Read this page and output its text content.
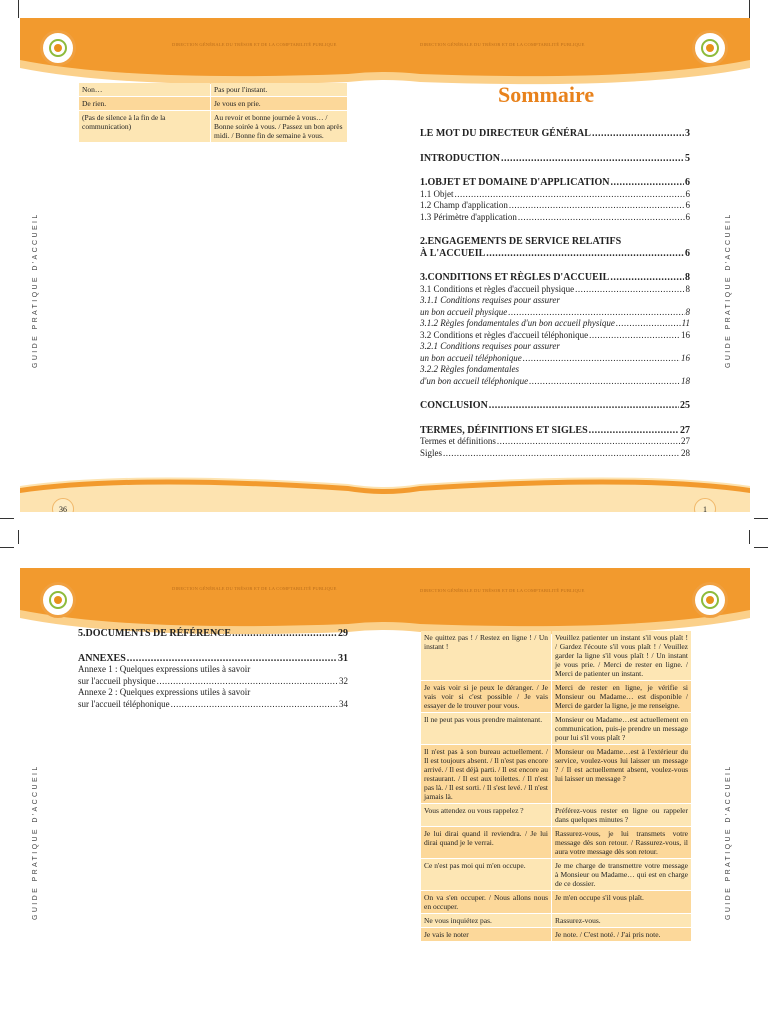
DIRECTION GÉNÉRALE DU TRÉSOR ET DE LA COMPTABILITÉ PUBLIQUE	DIRECTION GÉNÉRALE DU TRÉSOR ET DE LA COMPTABILITÉ PUBLIQUE
GUIDE PRATIQUE D'ACCUEIL	GUIDE PRATIQUE D'ACCUEIL
Non…	Pas pour l'instant.
De rien.	Je vous en prie.
(Pas de silence à la fin de la communication)	Au revoir et bonne journée à vous… / Bonne soirée à vous. / Passez un bon après midi. / Bonne fin de semaine à vous.
Sommaire
LE MOT DU DIRECTEUR GÉNÉRAL .....	3
INTRODUCTION .....	5
1.OBJET ET DOMAINE D'APPLICATION .....	6
1.1 Objet .....	6
1.2 Champ d'application .....	6
1.3 Périmètre d'application .....	6
2.ENGAGEMENTS DE SERVICE RELATIFS
À L'ACCUEIL .....	6
3.CONDITIONS ET RÈGLES D'ACCUEIL .....	8
3.1 Conditions et règles d'accueil physique .....	8
3.1.1 Conditions requises pour assurer
un bon accueil physique .....	8
3.1.2 Règles fondamentales d'un bon accueil physique .....	11
3.2 Conditions et règles d'accueil téléphonique .....	16
3.2.1 Conditions requises pour assurer
un bon accueil téléphonique .....	16
3.2.2 Règles fondamentales
d'un bon accueil téléphonique .....	18
CONCLUSION .....	25
TERMES, DÉFINITIONS ET SIGLES .....	27
Termes et définitions .....	27
Sigles .....	28
36	1
DIRECTION GÉNÉRALE DU TRÉSOR ET DE LA COMPTABILITÉ PUBLIQUE	DIRECTION GÉNÉRALE DU TRÉSOR ET DE LA COMPTABILITÉ PUBLIQUE
GUIDE PRATIQUE D'ACCUEIL	GUIDE PRATIQUE D'ACCUEIL
5.DOCUMENTS DE RÉFÉRENCE .....	29
ANNEXES .....	31
Annexe 1 : Quelques expressions utiles à savoir
sur l'accueil physique .....	32
Annexe 2 : Quelques expressions utiles à savoir
sur l'accueil téléphonique .....	34
Ne quittez pas ! / Restez en ligne ! / Un instant !	Veuillez patienter un instant s'il vous plaît ! / Gardez l'écoute s'il vous plaît ! / Veuillez garder la ligne s'il vous plaît ! / Un instant je vous prie. / Merci de rester en ligne. / Merci de patienter un instant.
Je vais voir si je peux le déranger. / Je vais voir si c'est possible / Je vais essayer de le trouver pour vous.	Merci de rester en ligne, je vérifie si Monsieur ou Madame… est disponible / Merci de garder la ligne, je me renseigne.
Il ne peut pas vous prendre maintenant.	Monsieur ou Madame…est actuellement en communication, puis-je prendre un message pour lui s'il vous plaît ?
Il n'est pas à son bureau actuellement. / Il est toujours absent. / Il n'est pas encore arrivé. / Il est déjà parti. / Il est encore au restaurant. / Il est aux toilettes. / Il n'est pas là. / Il est sorti. / Il s'est levé. / Il n'est jamais là.	Monsieur ou Madame…est à l'extérieur du service, voulez-vous lui laisser un message ? / Il est actuellement absent, voulez-vous lui laisser un message ?
Vous attendez ou vous rappelez ?	Préférez-vous rester en ligne ou rappeler dans quelques minutes ?
Je lui dirai quand il reviendra. / Je lui dirai quand je le verrai.	Rassurez-vous, je lui transmets votre message dès son retour. / Rassurez-vous, il aura votre message dès son retour.
Ce n'est pas moi qui m'en occupe.	Je me charge de transmettre votre message à Monsieur ou Madame… qui est en charge de ce dossier.
On va s'en occuper. / Nous allons nous en occuper.	Je m'en occupe s'il vous plaît.
Ne vous inquiétez pas.	Rassurez-vous.
Je vais le noter	Je note. / C'est noté. / J'ai pris note.
